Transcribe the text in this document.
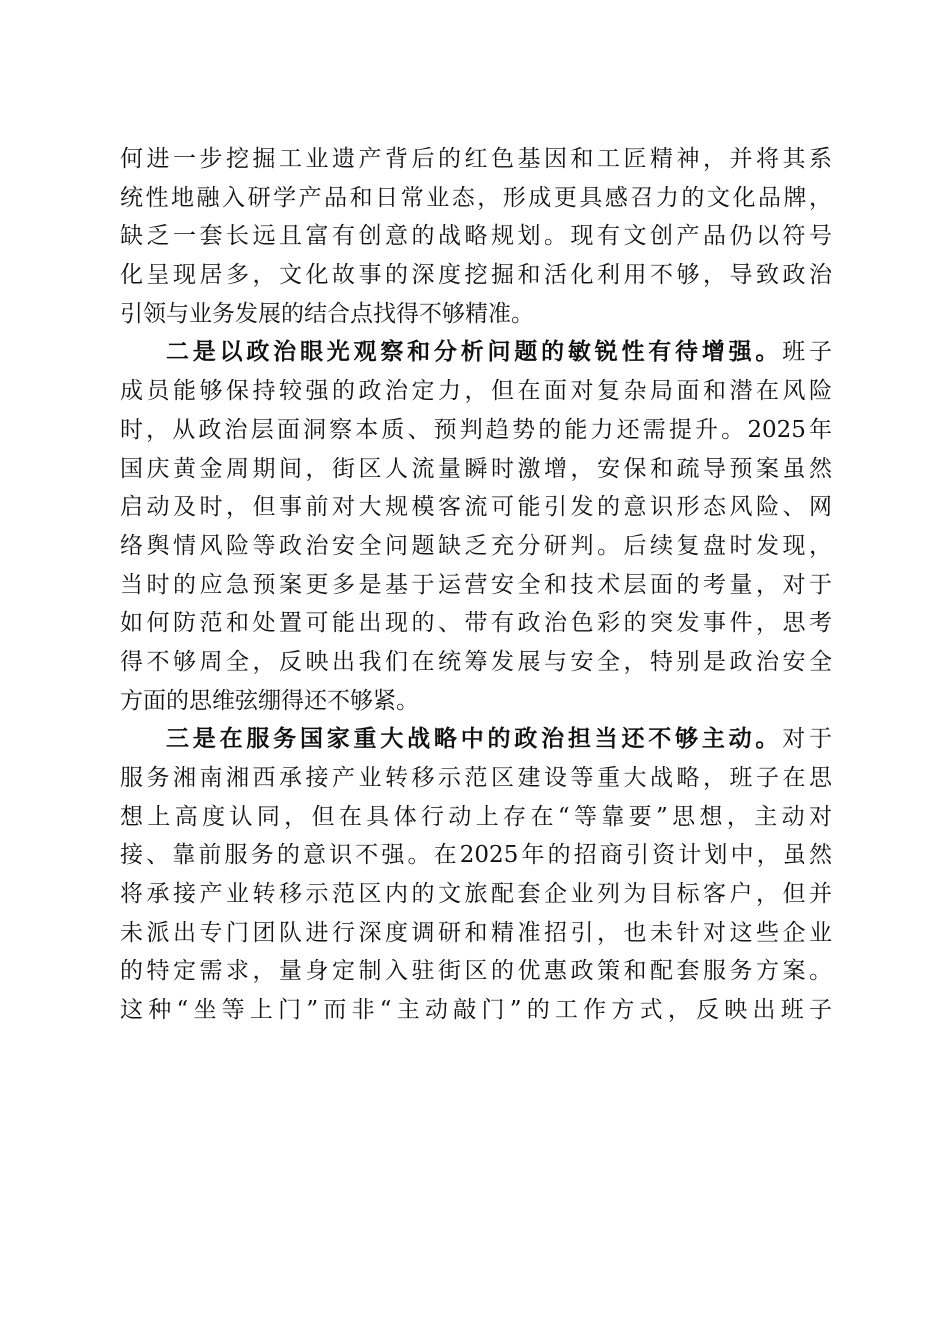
何进一步挖掘工业遗产背后的红色基因和工匠精神，并将其系
统性地融入研学产品和日常业态，形成更具感召力的文化品牌，
缺乏一套长远且富有创意的战略规划。现有文创产品仍以符号
化呈现居多，文化故事的深度挖掘和活化利用不够，导致政治
引领与业务发展的结合点找得不够精准。
二是以政治眼光观察和分析问题的敏锐性有待增强。班子
成员能够保持较强的政治定力，但在面对复杂局面和潜在风险
时，从政治层面洞察本质、预判趋势的能力还需提升。2025年
国庆黄金周期间，街区人流量瞬时激增，安保和疏导预案虽然
启动及时，但事前对大规模客流可能引发的意识形态风险、网
络舆情风险等政治安全问题缺乏充分研判。后续复盘时发现，
当时的应急预案更多是基于运营安全和技术层面的考量，对于
如何防范和处置可能出现的、带有政治色彩的突发事件，思考
得不够周全，反映出我们在统筹发展与安全，特别是政治安全
方面的思维弦绷得还不够紧。
三是在服务国家重大战略中的政治担当还不够主动。对于
服务湘南湘西承接产业转移示范区建设等重大战略，班子在思
想上高度认同，但在具体行动上存在“等靠要”思想，主动对
接、靠前服务的意识不强。在2025年的招商引资计划中，虽然
将承接产业转移示范区内的文旅配套企业列为目标客户，但并
未派出专门团队进行深度调研和精准招引，也未针对这些企业
的特定需求，量身定制入驻街区的优惠政策和配套服务方案。
这种“坐等上门”而非“主动敲门”的工作方式，反映出班子
